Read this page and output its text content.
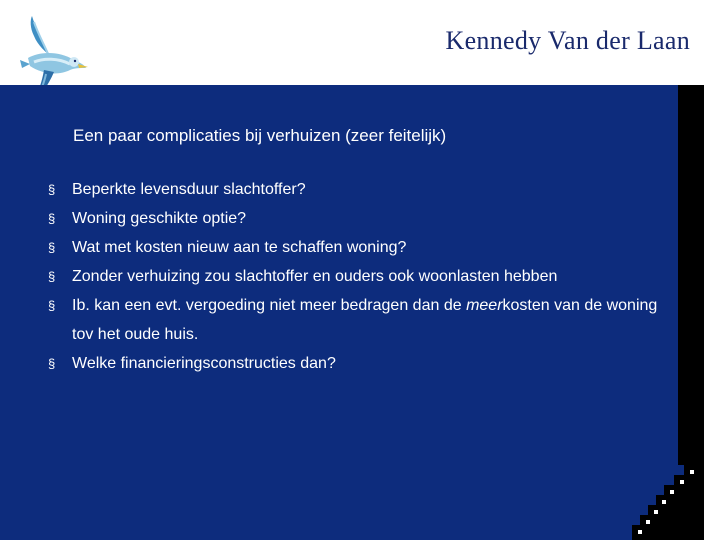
Kennedy Van der Laan
Een paar complicaties bij verhuizen (zeer feitelijk)
§ Beperkte levensduur slachtoffer?
§ Woning geschikte optie?
§ Wat met kosten nieuw aan te schaffen woning?
§ Zonder verhuizing zou slachtoffer en ouders ook woonlasten hebben
§ Ib. kan een evt. vergoeding niet meer bedragen dan de meerkosten van de woning tov het oude huis.
§ Welke financieringsconstructies dan?
